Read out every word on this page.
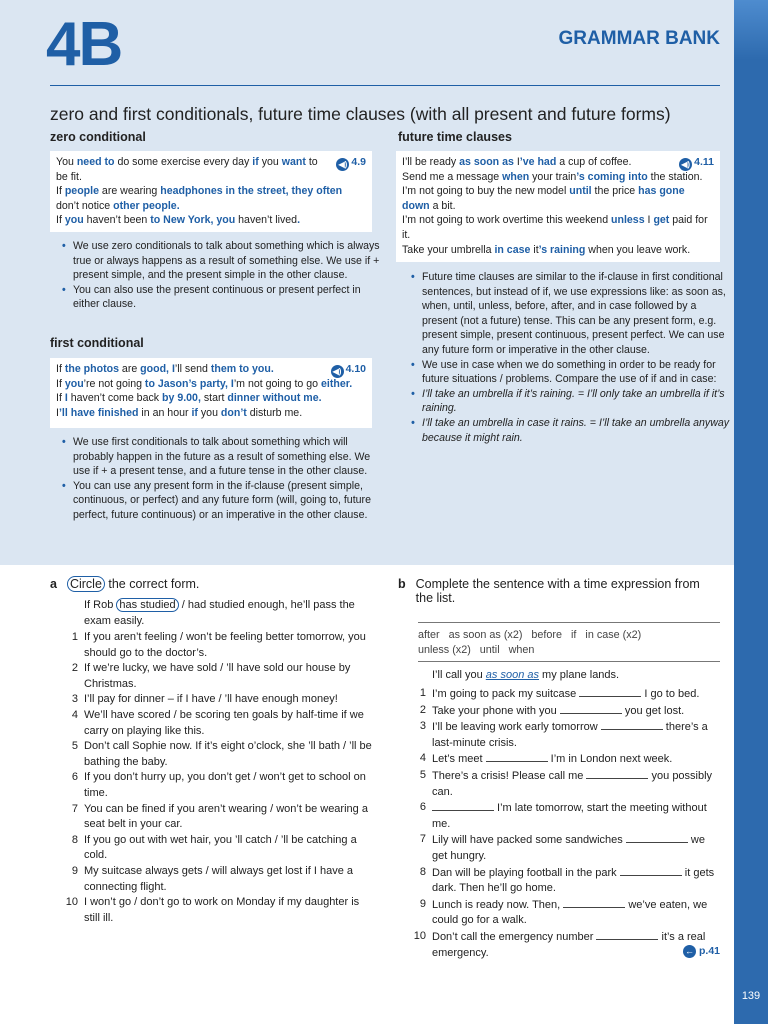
139
4B	GRAMMAR BANK
zero and first conditionals, future time clauses (with all present and future forms)
zero conditional
◀) 4.9

You need to do some exercise every day if you want to be fit.

If people are wearing headphones in the street, they often don’t notice other people.

If you haven’t been to New York, you haven’t lived.

• We use zero conditionals to talk about something which is always true or always happens as a result of something else. We use if + present simple, and the present simple in the other clause.
• You can also use the present continuous or present perfect in either clause.
first conditional
◀) 4.10

If the photos are good, I’ll send them to you.

If you’re not going to Jason’s party, I’m not going to go either.

If I haven’t come back by 9.00, start dinner without me.

I’ll have finished in an hour if you don’t disturb me.

• We use first conditionals to talk about something which will probably happen in the future as a result of something else. We use if + a present tense, and a future tense in the other clause.
• You can use any present form in the if-clause (present simple, continuous, or perfect) and any future form (will, going to, future perfect, future continuous) or an imperative in the other clause.
future time clauses
◀) 4.11

I’ll be ready as soon as I’ve had a cup of coffee.

Send me a message when your train’s coming into the station.

I’m not going to buy the new model until the price has gone down a bit.

I’m not going to work overtime this weekend unless I get paid for it.

Take your umbrella in case it’s raining when you leave work.

• Future time clauses are similar to the if-clause in first conditional sentences, but instead of if, we use expressions like: as soon as, when, until, unless, before, after, and in case followed by a present (not a future) tense. This can be any present form, e.g. present simple, present continuous, present perfect. We can use any future form or imperative in the other clause.
• We use in case when we do something in order to be ready for future situations / problems. Compare the use of if and in case:
• I’ll take an umbrella if it’s raining. = I’ll only take an umbrella if it’s raining.
• I’ll take an umbrella in case it rains. = I’ll take an umbrella anyway because it might rain.
a Circle the correct form.
If Rob has studied / had studied enough, he’ll pass the exam easily.
1 If you aren’t feeling / won’t be feeling better tomorrow, you should go to the doctor’s.
2 If we’re lucky, we have sold / ’ll have sold our house by Christmas.
3 I’ll pay for dinner – if I have / ’ll have enough money!
4 We’ll have scored / be scoring ten goals by half-time if we carry on playing like this.
5 Don’t call Sophie now. If it’s eight o’clock, she ’ll bath / ’ll be bathing the baby.
6 If you don’t hurry up, you don’t get / won’t get to school on time.
7 You can be fined if you aren’t wearing / won’t be wearing a seat belt in your car.
8 If you go out with wet hair, you ’ll catch / ’ll be catching a cold.
9 My suitcase always gets / will always get lost if I have a connecting flight.
10 I won’t go / don’t go to work on Monday if my daughter is still ill.
b Complete the sentence with a time expression from the list.
after   as soon as (x2)   before   if   in case (x2)
unless (x2)   until   when
I’ll call you as soon as my plane lands.
1 I’m going to pack my suitcase	I go to bed.
2 Take your phone with you	you get lost.
3 I’ll be leaving work early tomorrow	there’s a last-minute crisis.
4 Let’s meet	I’m in London next week.
5 There’s a crisis! Please call me	you possibly can.
6	I’m late tomorrow, start the meeting without me.
7 Lily will have packed some sandwiches	we get hungry.
8 Dan will be playing football in the park	it gets dark. Then he’ll go home.
9 Lunch is ready now. Then,	we’ve eaten, we could go for a walk.
10 Don’t call the emergency number	it’s a real emergency.	← p.41
